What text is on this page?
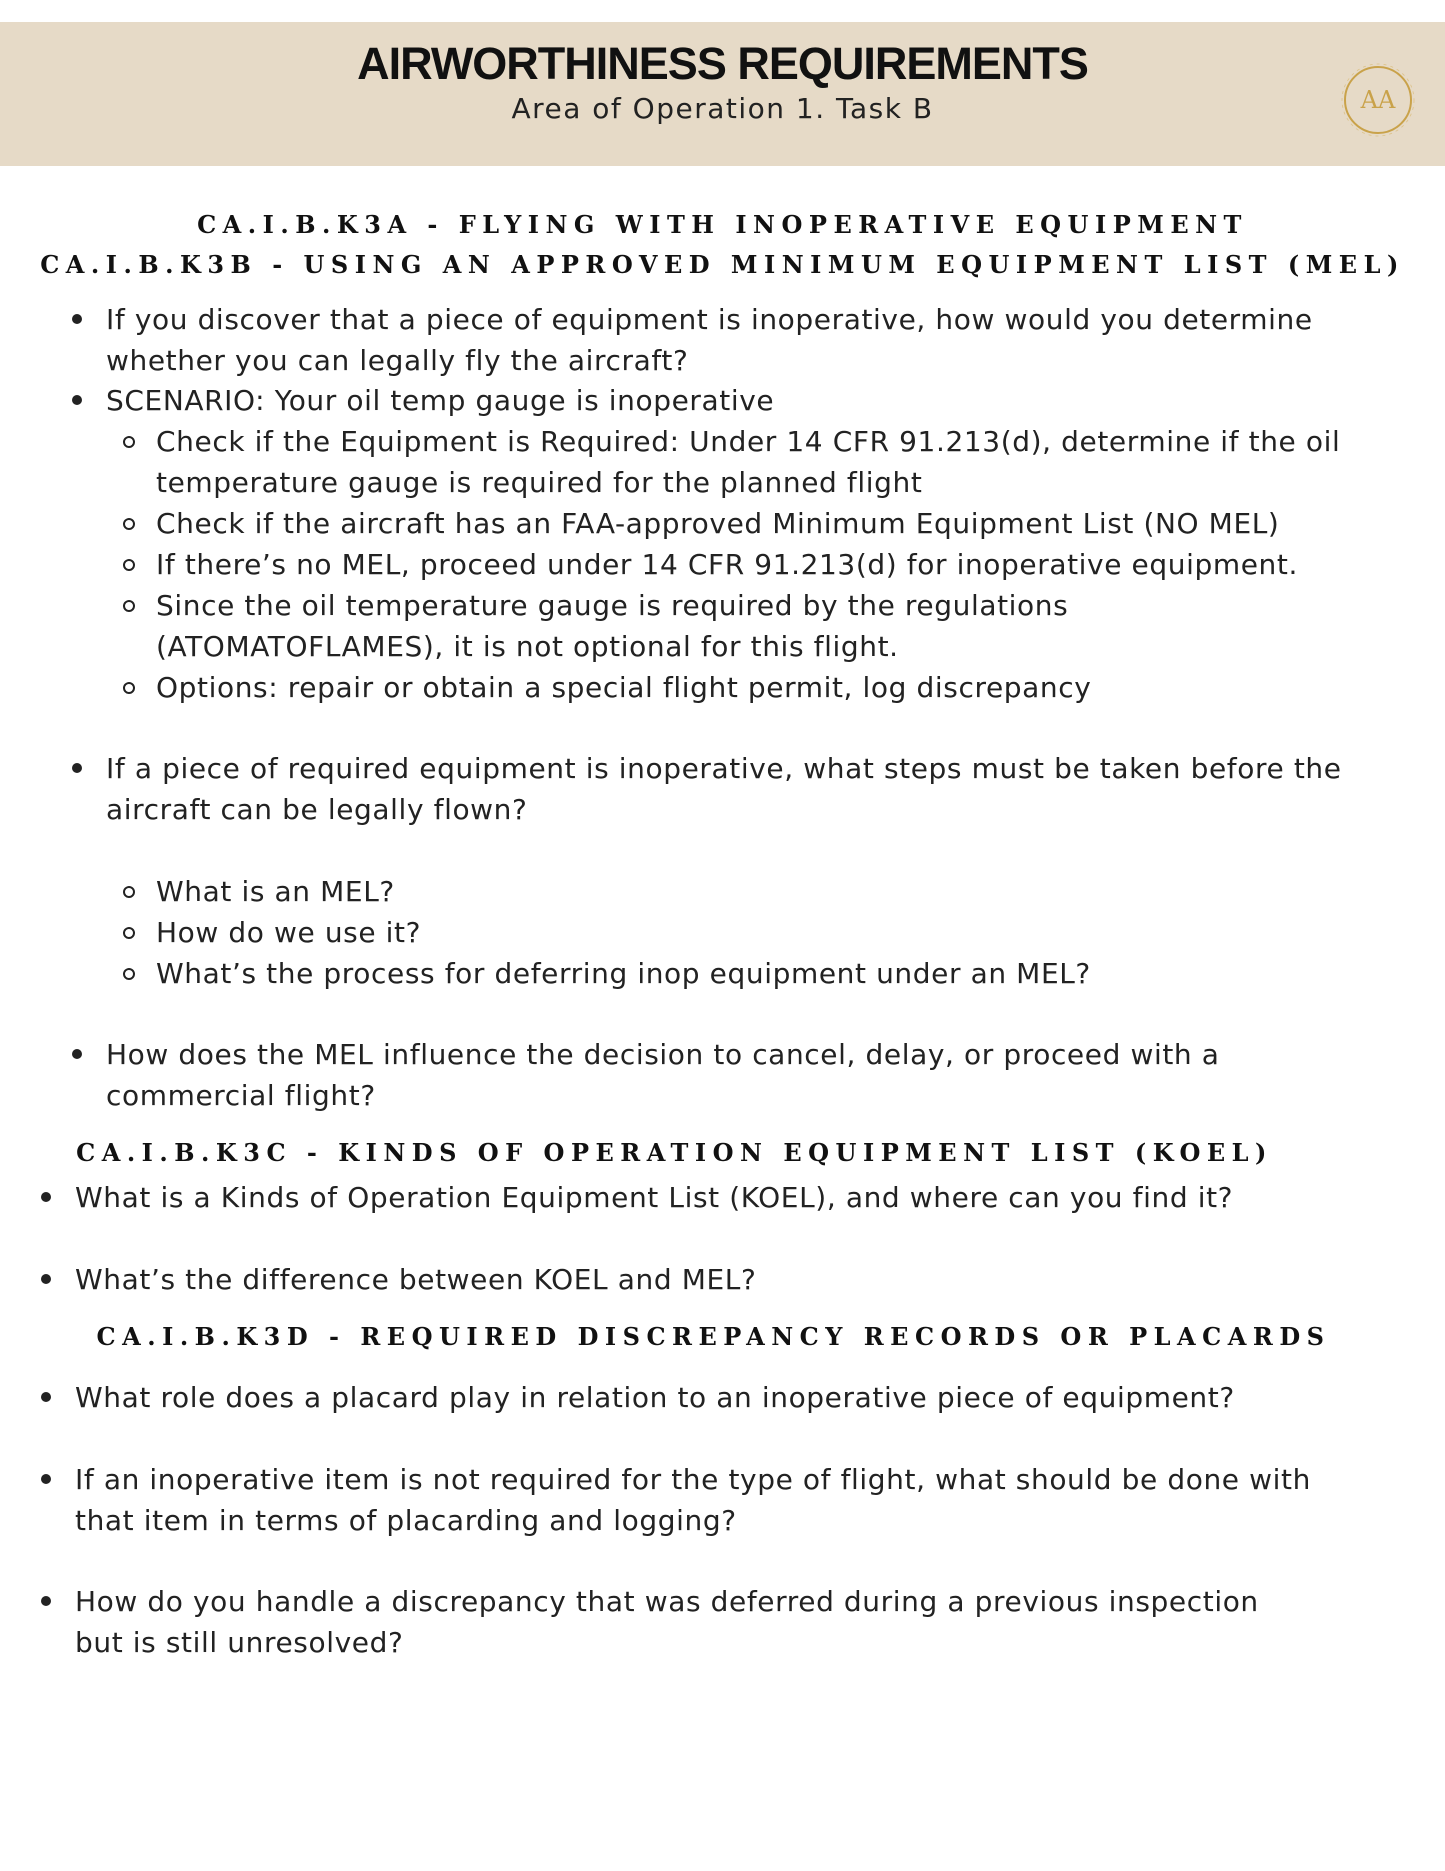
AIRWORTHINESS REQUIREMENTS
Area of Operation 1. Task B	AA
CA.I.B.K3A - FLYING WITH INOPERATIVE EQUIPMENT
CA.I.B.K3B - USING AN APPROVED MINIMUM EQUIPMENT LIST (MEL)
If you discover that a piece of equipment is inoperative, how would you determine
whether you can legally fly the aircraft?
SCENARIO: Your oil temp gauge is inoperative
Check if the Equipment is Required: Under 14 CFR 91.213(d), determine if the oil
temperature gauge is required for the planned flight
Check if the aircraft has an FAA-approved Minimum Equipment List (NO MEL)
If there’s no MEL, proceed under 14 CFR 91.213(d) for inoperative equipment.
Since the oil temperature gauge is required by the regulations
(ATOMATOFLAMES), it is not optional for this flight.
Options: repair or obtain a special flight permit, log discrepancy
If a piece of required equipment is inoperative, what steps must be taken before the
aircraft can be legally flown?
What is an MEL?
How do we use it?
What’s the process for deferring inop equipment under an MEL?
How does the MEL influence the decision to cancel, delay, or proceed with a
commercial flight?
CA.I.B.K3C - KINDS OF OPERATION EQUIPMENT LIST (KOEL)
What is a Kinds of Operation Equipment List (KOEL), and where can you find it?
What’s the difference between KOEL and MEL?
CA.I.B.K3D - REQUIRED DISCREPANCY RECORDS OR PLACARDS
What role does a placard play in relation to an inoperative piece of equipment?
If an inoperative item is not required for the type of flight, what should be done with
that item in terms of placarding and logging?
How do you handle a discrepancy that was deferred during a previous inspection
but is still unresolved?
